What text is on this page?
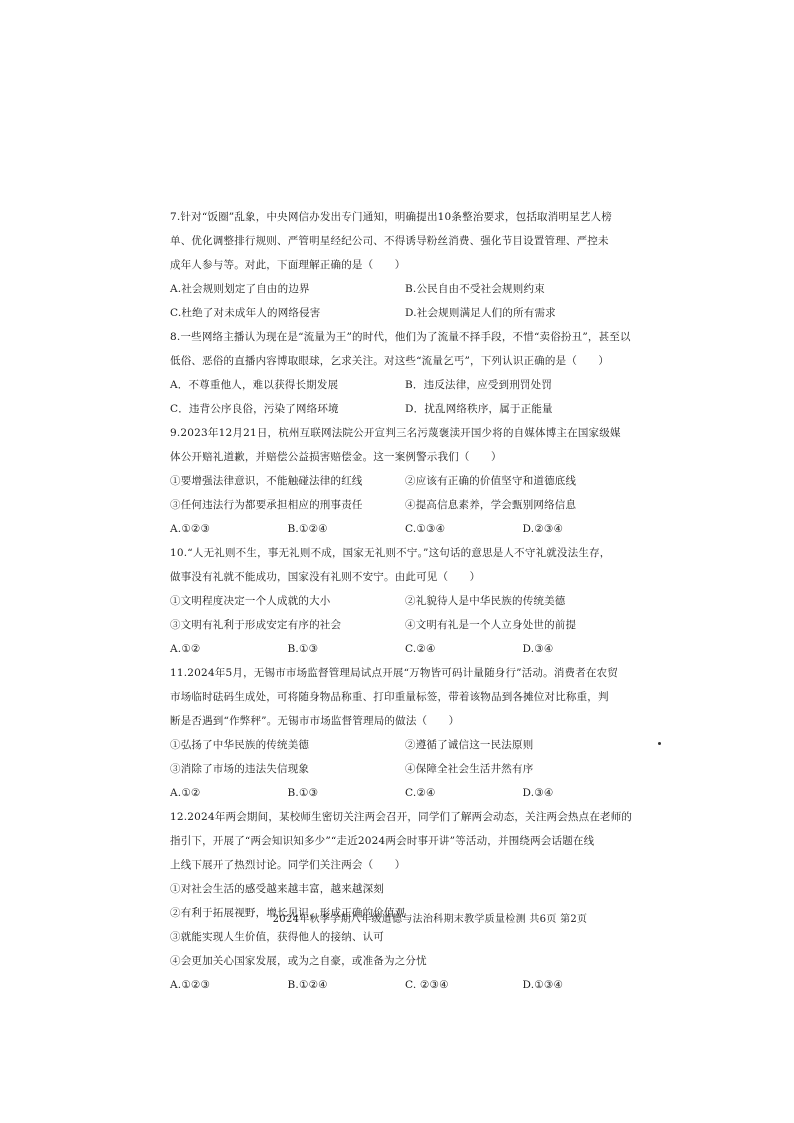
7.针对“饭圈”乱象，中央网信办发出专门通知，明确提出10条整治要求，包括取消明星艺人榜

单、优化调整排行规则、严管明星经纪公司、不得诱导粉丝消费、强化节目设置管理、严控未

成年人参与等。对此，下面理解正确的是（　　）

A.社会规则划定了自由的边界	B.公民自由不受社会规则约束
C.杜绝了对未成年人的网络侵害	D.社会规则满足人们的所有需求

8.一些网络主播认为现在是“流量为王”的时代，他们为了流量不择手段，不惜“卖俗扮丑”，甚至以

低俗、恶俗的直播内容博取眼球，乞求关注。对这些“流量乞丐”，下列认识正确的是（　　）

A．不尊重他人，难以获得长期发展	B．违反法律，应受到刑罚处罚
C．违背公序良俗，污染了网络环境	D．扰乱网络秩序，属于正能量

9.2023年12月21日，杭州互联网法院公开宣判三名污蔑褒渎开国少将的自媒体博主在国家级媒

体公开赔礼道歉，并赔偿公益损害赔偿金。这一案例警示我们（　　）

①要增强法律意识，不能触碰法律的红线	②应该有正确的价值坚守和道德底线
③任何违法行为都要承担相应的刑事责任	④提高信息素养，学会甄别网络信息
A.①②③	B.①②④	C.①③④	D.②③④

10.“人无礼则不生，事无礼则不成，国家无礼则不宁。”这句话的意思是人不守礼就没法生存，

做事没有礼就不能成功，国家没有礼则不安宁。由此可见（　　）

①文明程度决定一个人成就的大小	②礼貌待人是中华民族的传统美德
③文明有礼利于形成安定有序的社会	④文明有礼是一个人立身处世的前提
A.①②	B.①③	C.②④	D.③④

11.2024年5月，无锡市市场监督管理局试点开展“万物皆可码计量随身行”活动。消费者在农贸

市场临时砝码生成处，可将随身物品称重、打印重量标签，带着该物品到各摊位对比称重，判

断是否遇到“作弊秤”。无锡市市场监督管理局的做法（　　）

①弘扬了中华民族的传统美德	②遵循了诚信这一民法原则
③消除了市场的违法失信现象	④保障全社会生活井然有序
A.①②	B.①③	C.②④	D.③④

12.2024年两会期间，某校师生密切关注两会召开，同学们了解两会动态，关注两会热点在老师的

指引下，开展了“两会知识知多少”“走近2024两会时事开讲”等活动，并围绕两会话题在线

上线下展开了热烈讨论。同学们关注两会（　　）

①对社会生活的感受越来越丰富，越来越深刻

②有利于拓展视野，增长见识，形成正确的价值观

③就能实现人生价值，获得他人的接纳、认可

④会更加关心国家发展，或为之自豪，或准备为之分忧

A.①②③	B.①②④	C. ②③④	D.①③④
2024年秋季学期八年级道德与法治科期末教学质量检测 共6页 第2页
